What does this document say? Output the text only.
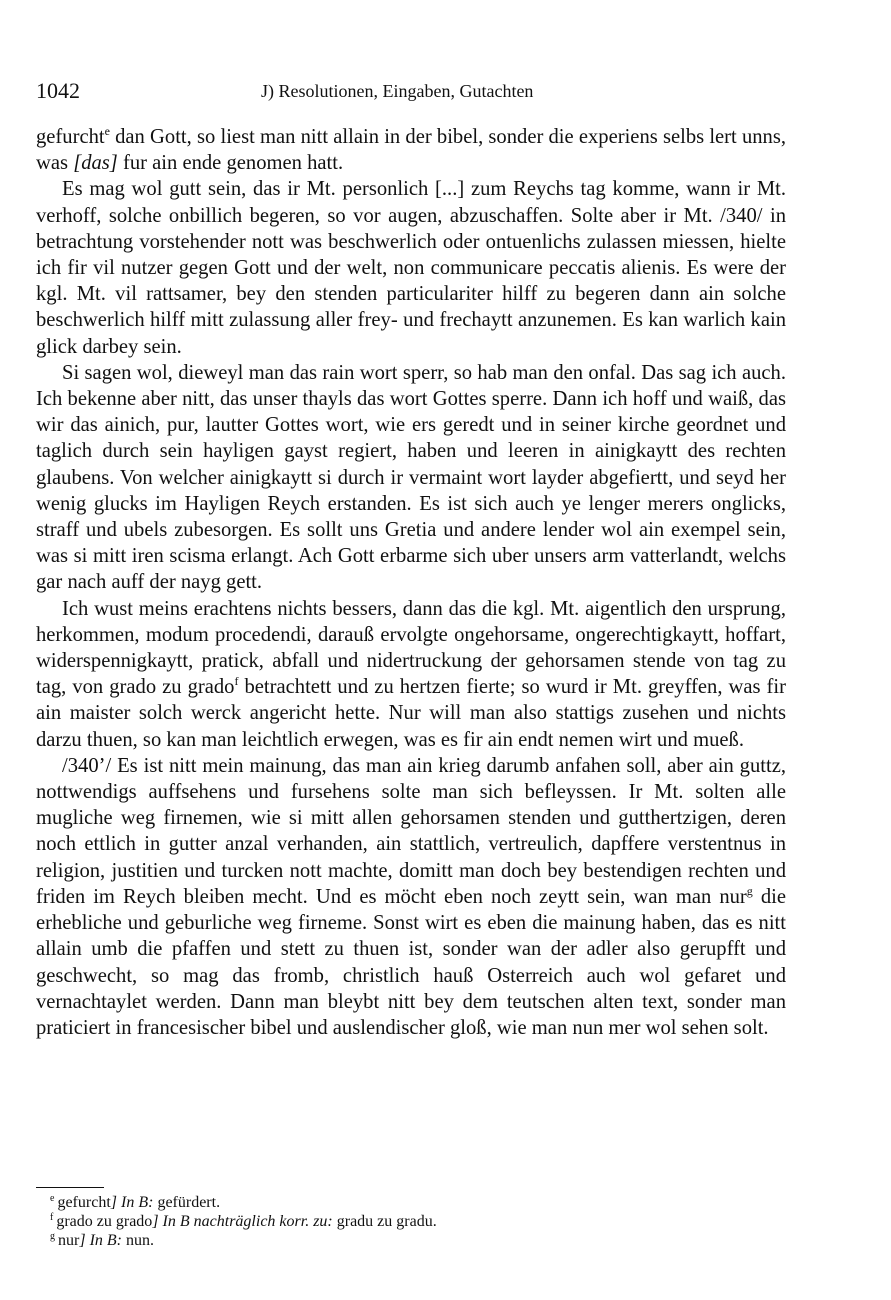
1042	J) Resolutionen, Eingaben, Gutachten

gefurcht$^e$ dan Gott, so liest man nitt allain in der bibel, sonder die experiens selbs lert unns, was [das] fur ain ende genomen hatt.

Es mag wol gutt sein, das ir Mt. personlich [...] zum Reychs tag komme, wann ir Mt. verhoff, solche onbillich begeren, so vor augen, abzuschaffen. Solte aber ir Mt. /340/ in betrachtung vorstehender nott was beschwerlich oder ontuenlichs zulassen miessen, hielte ich fir vil nutzer gegen Gott und der welt, non communicare peccatis alienis. Es were der kgl. Mt. vil rattsamer, bey den stenden particulariter hilff zu begeren dann ain solche beschwerlich hilff mitt zulassung aller frey- und frechaytt anzunemen. Es kan warlich kain glick darbey sein.

Si sagen wol, dieweyl man das rain wort sperr, so hab man den onfal. Das sag ich auch. Ich bekenne aber nitt, das unser thayls das wort Gottes sperre. Dann ich hoff und waiß, das wir das ainich, pur, lautter Gottes wort, wie ers geredt und in seiner kirche geordnet und taglich durch sein hayligen gayst regiert, haben und leeren in ainigkaytt des rechten glaubens. Von welcher ainigkaytt si durch ir vermaint wort layder abgefiertt, und seyd her wenig glucks im Hayligen Reych erstanden. Es ist sich auch ye lenger merers onglicks, straff und ubels zubesorgen. Es sollt uns Gretia und andere lender wol ain exempel sein, was si mitt iren scisma erlangt. Ach Gott erbarme sich uber unsers arm vatterlandt, welchs gar nach auff der nayg gett.

Ich wust meins erachtens nichts bessers, dann das die kgl. Mt. aigentlich den ursprung, herkommen, modum procedendi, darauß ervolgte ongehorsame, ongerechtigkaytt, hoffart, widerspennigkaytt, pratick, abfall und nidertruckung der gehorsamen stende von tag zu tag, von grado zu grado$^f$ betrachtett und zu hertzen fierte; so wurd ir Mt. greyffen, was fir ain maister solch werck angericht hette. Nur will man also stattigs zusehen und nichts darzu thuen, so kan man leichtlich erwegen, was es fir ain endt nemen wirt und mueß.

/340’/ Es ist nitt mein mainung, das man ain krieg darumb anfahen soll, aber ain guttz, nottwendigs auffsehens und fursehens solte man sich befleyssen. Ir Mt. solten alle mugliche weg firnemen, wie si mitt allen gehorsamen stenden und gutthertzigen, deren noch ettlich in gutter anzal verhanden, ain stattlich, vertreulich, dapffere verstentnus in religion, justitien und turcken nott machte, domitt man doch bey bestendigen rechten und friden im Reych bleiben mecht. Und es möcht eben noch zeytt sein, wan man nur$^g$ die erhebliche und geburliche weg firneme. Sonst wirt es eben die mainung haben, das es nitt allain umb die pfaffen und stett zu thuen ist, sonder wan der adler also gerupfft und geschwecht, so mag das fromb, christlich hauß Osterreich auch wol gefaret und vernachtaylet werden. Dann man bleybt nitt bey dem teutschen alten text, sonder man praticiert in francesischer bibel und auslendischer gloß, wie man nun mer wol sehen solt.

$^e$ gefurcht] In B: gefürdert.
$^f$ grado zu grado] In B nachträglich korr. zu: gradu zu gradu.
$^g$ nur] In B: nun.
